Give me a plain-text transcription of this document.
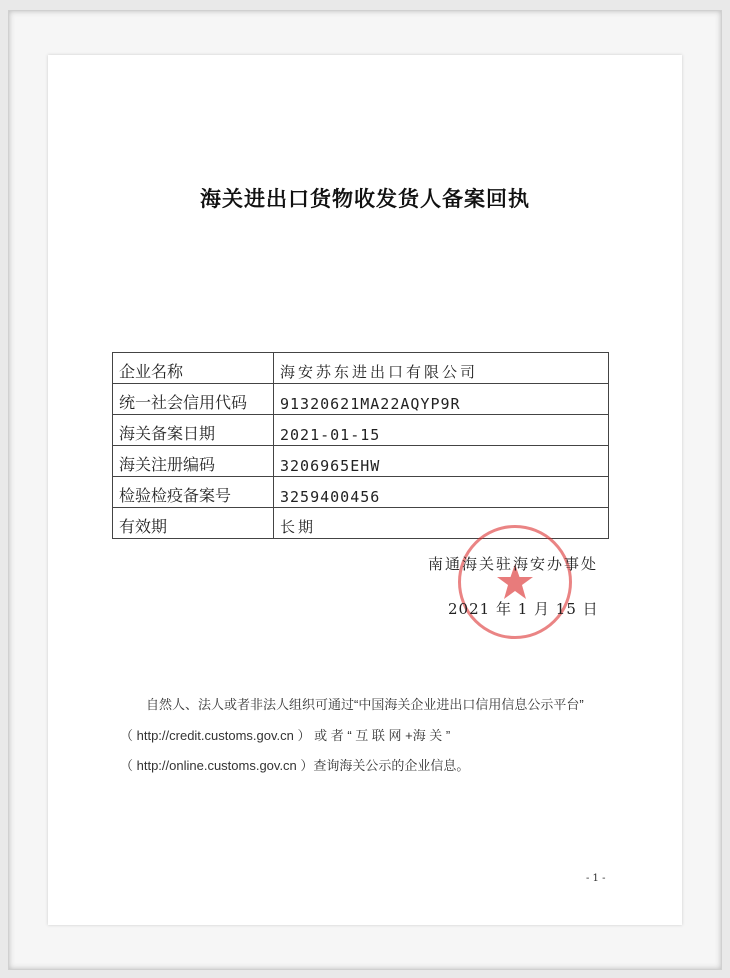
海关进出口货物收发货人备案回执
企业名称	海安苏东进出口有限公司
统一社会信用代码	91320621MA22AQYP9R
海关备案日期	2021-01-15
海关注册编码	3206965EHW
检验检疫备案号	3259400456
有效期	长期
南通海关驻海安办事处
2021 年 1 月 15 日
自然人、法人或者非法人组织可通过“中国海关企业进出口信用信息公示平台”
（ http://credit.customs.gov.cn ） 或 者 “ 互 联 网 +海 关 ”
（ http://online.customs.gov.cn ）查询海关公示的企业信息。
- 1 -
